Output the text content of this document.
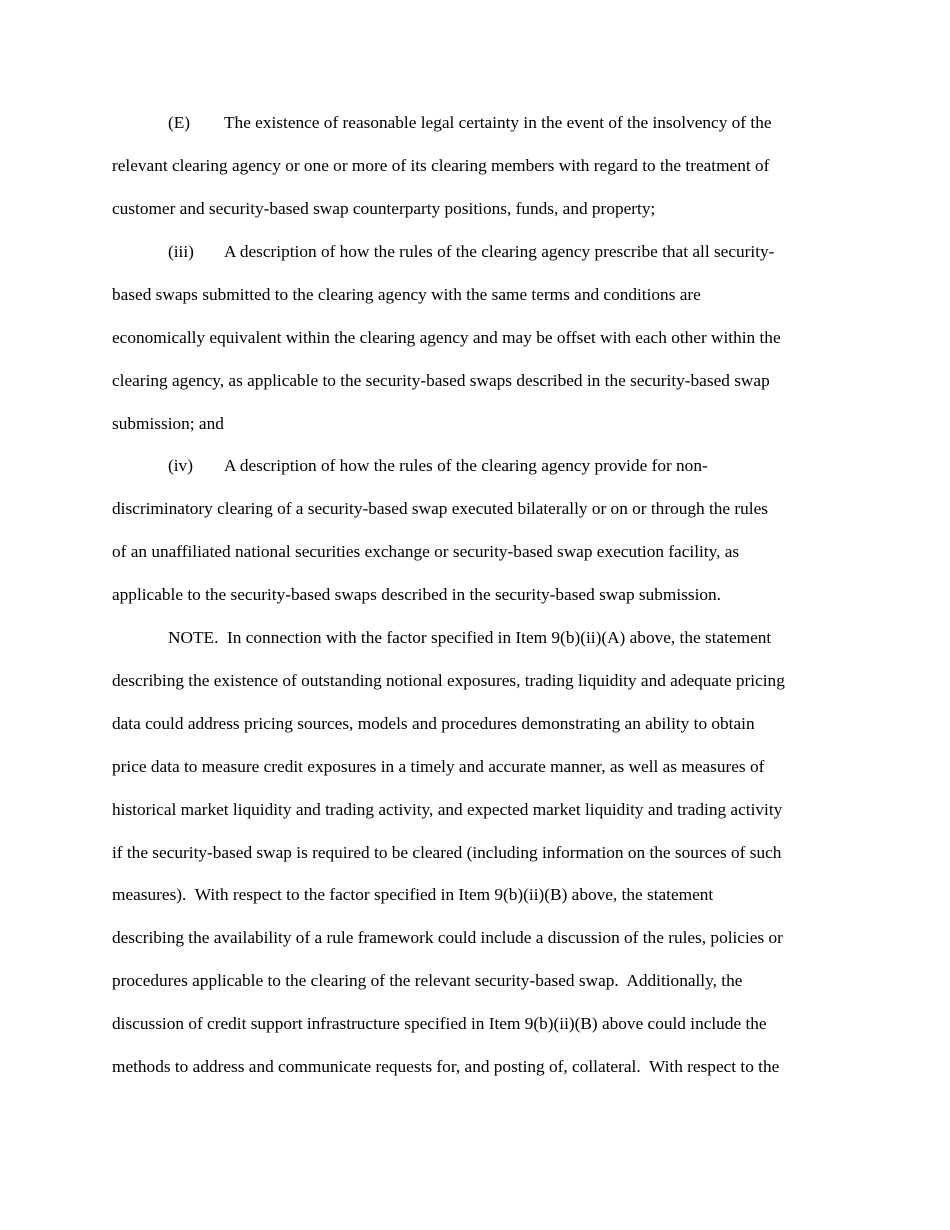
(E) The existence of reasonable legal certainty in the event of the insolvency of the
relevant clearing agency or one or more of its clearing members with regard to the treatment of
customer and security-based swap counterparty positions, funds, and property;
(iii) A description of how the rules of the clearing agency prescribe that all security-
based swaps submitted to the clearing agency with the same terms and conditions are
economically equivalent within the clearing agency and may be offset with each other within the
clearing agency, as applicable to the security-based swaps described in the security-based swap
submission; and
(iv) A description of how the rules of the clearing agency provide for non-
discriminatory clearing of a security-based swap executed bilaterally or on or through the rules
of an unaffiliated national securities exchange or security-based swap execution facility, as
applicable to the security-based swaps described in the security-based swap submission.
NOTE.  In connection with the factor specified in Item 9(b)(ii)(A) above, the statement
describing the existence of outstanding notional exposures, trading liquidity and adequate pricing
data could address pricing sources, models and procedures demonstrating an ability to obtain
price data to measure credit exposures in a timely and accurate manner, as well as measures of
historical market liquidity and trading activity, and expected market liquidity and trading activity
if the security-based swap is required to be cleared (including information on the sources of such
measures).  With respect to the factor specified in Item 9(b)(ii)(B) above, the statement
describing the availability of a rule framework could include a discussion of the rules, policies or
procedures applicable to the clearing of the relevant security-based swap.  Additionally, the
discussion of credit support infrastructure specified in Item 9(b)(ii)(B) above could include the
methods to address and communicate requests for, and posting of, collateral.  With respect to the
